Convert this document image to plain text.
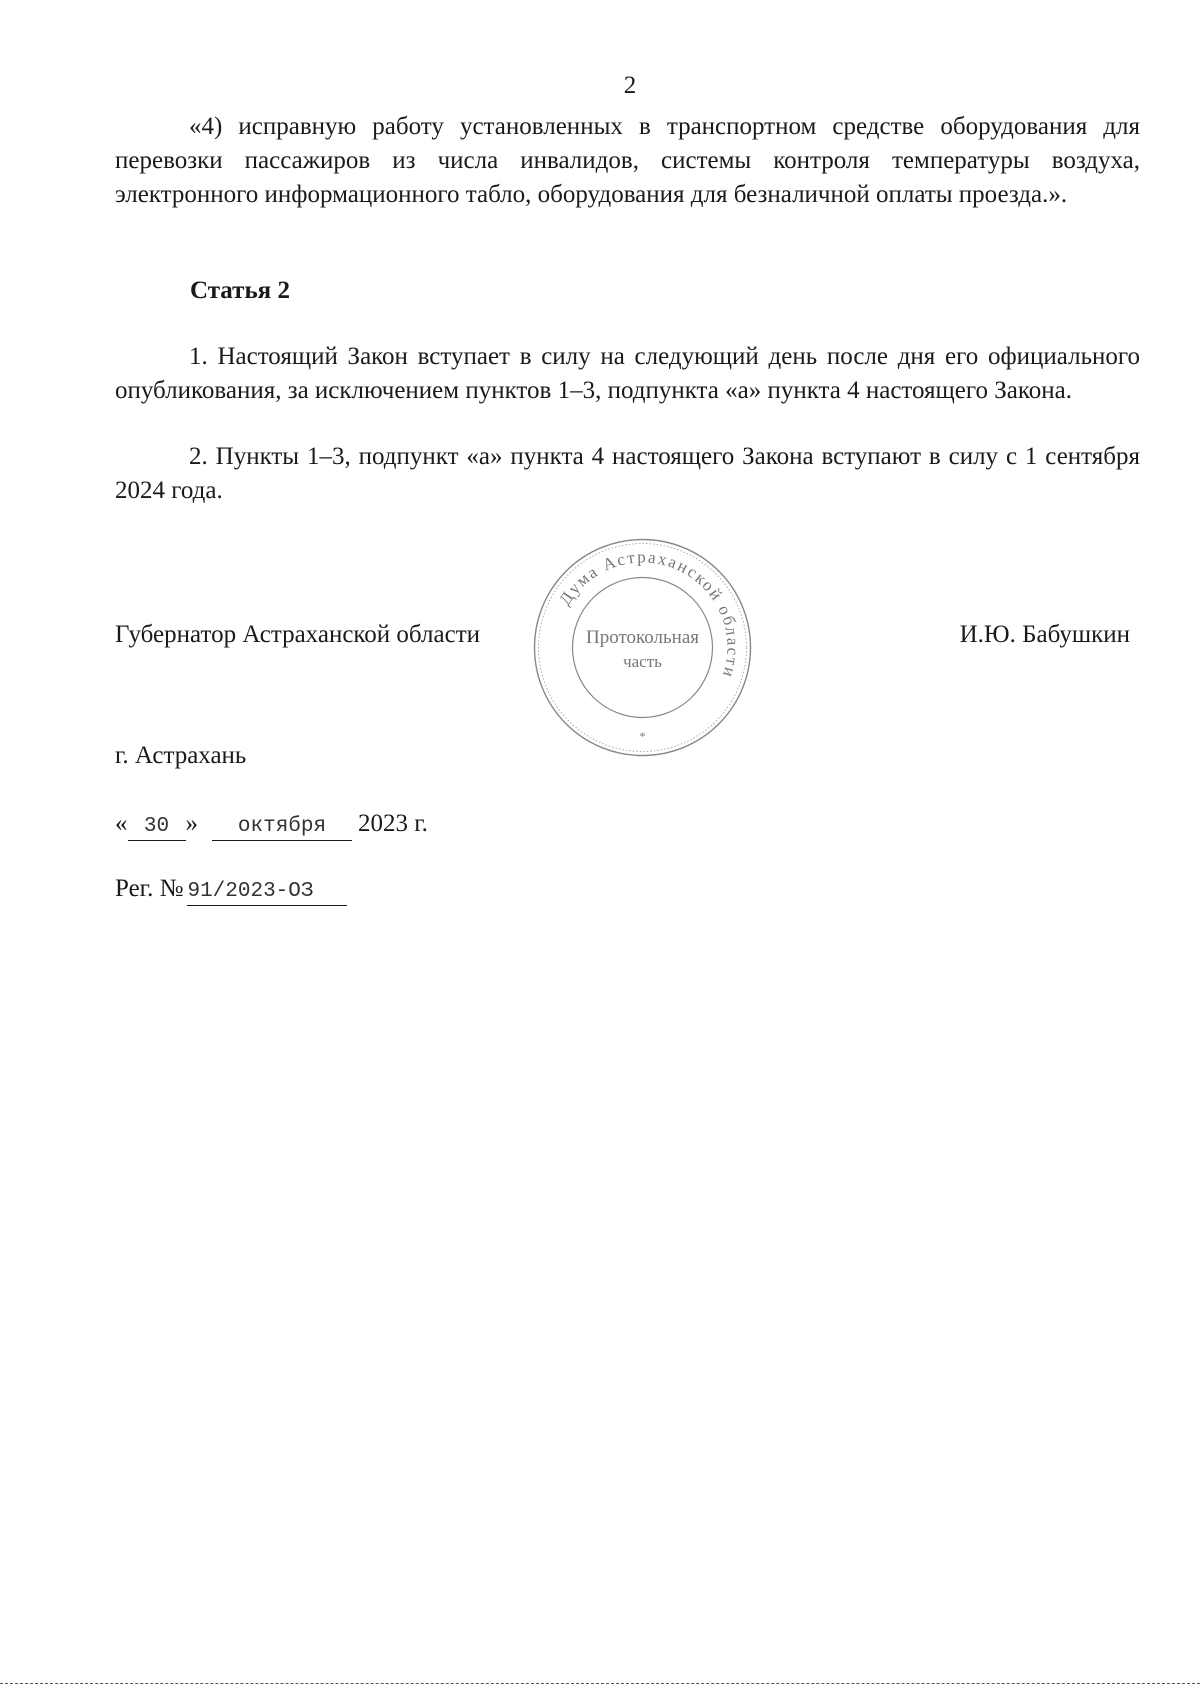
2

«4) исправную работу установленных в транспортном средстве оборудования для перевозки пассажиров из числа инвалидов, системы контроля температуры воздуха, электронного информационного табло, оборудования для безналичной оплаты проезда.».

Статья 2

1. Настоящий Закон вступает в силу на следующий день после дня его официального опубликования, за исключением пунктов 1–3, подпункта «а» пункта 4 настоящего Закона.

2. Пункты 1–3, подпункт «а» пункта 4 настоящего Закона вступают в силу с 1 сентября 2024 года.

Губернатор Астраханской области	И.Ю. Бабушкин
Дума Астраханской области
Протокольная
часть
*
г. Астрахань
« 30 » октября 2023 г.
Рег. № 91/2023-ОЗ
